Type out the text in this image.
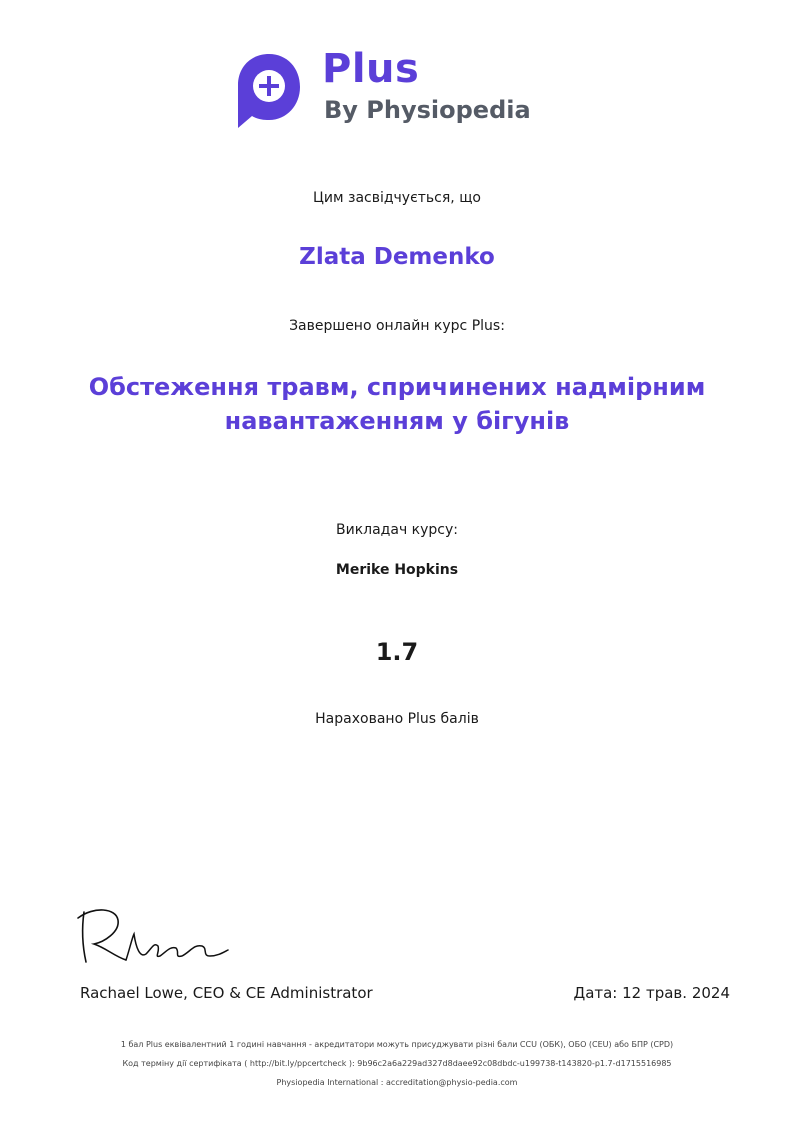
Plus
By Physiopedia
Цим засвідчується, що
Zlata Demenko
Завершено онлайн курс Plus:
Обстеження травм, спричинених надмірним навантаженням у бігунів
Викладач курсу:
Merike Hopkins
1.7
Нараховано Plus балів
Rachael Lowe, CEO & CE Administrator	Дата: 12 трав. 2024
1 бал Plus еквівалентний 1 годині навчання - акредитатори можуть присуджувати різні бали CCU (ОБК), ОБО (CEU) або БПР (CPD)
Код терміну дії сертифіката ( http://bit.ly/ppcertcheck ): 9b96c2a6a229ad327d8daee92c08dbdc-u199738-t143820-p1.7-d1715516985
Physiopedia International : accreditation@physio-pedia.com
